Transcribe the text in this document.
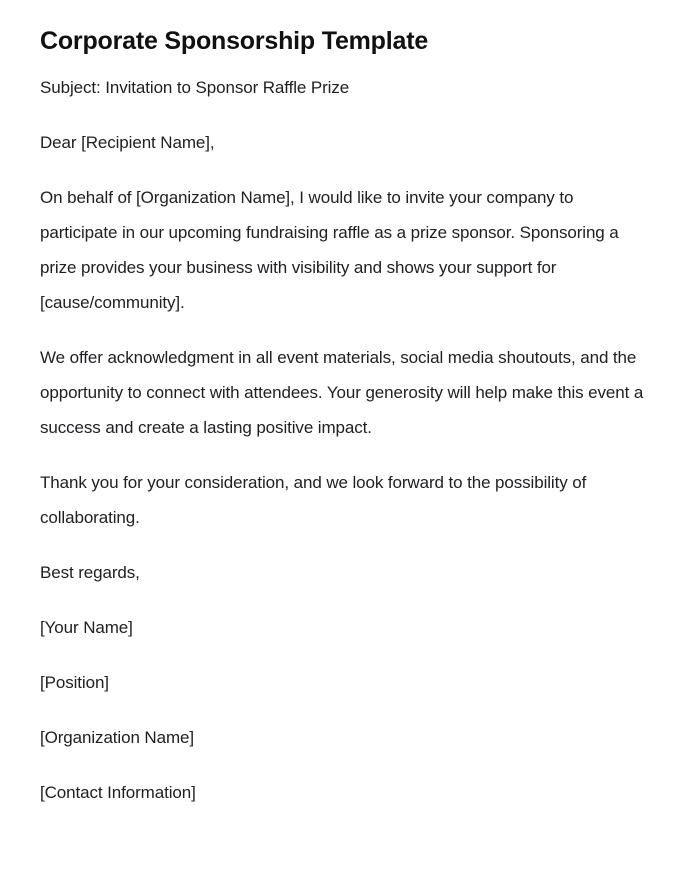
Corporate Sponsorship Template

Subject: Invitation to Sponsor Raffle Prize

Dear [Recipient Name],

On behalf of [Organization Name], I would like to invite your company to participate in our upcoming fundraising raffle as a prize sponsor. Sponsoring a prize provides your business with visibility and shows your support for [cause/community].

We offer acknowledgment in all event materials, social media shoutouts, and the opportunity to connect with attendees. Your generosity will help make this event a success and create a lasting positive impact.

Thank you for your consideration, and we look forward to the possibility of collaborating.

Best regards,

[Your Name]

[Position]

[Organization Name]

[Contact Information]
